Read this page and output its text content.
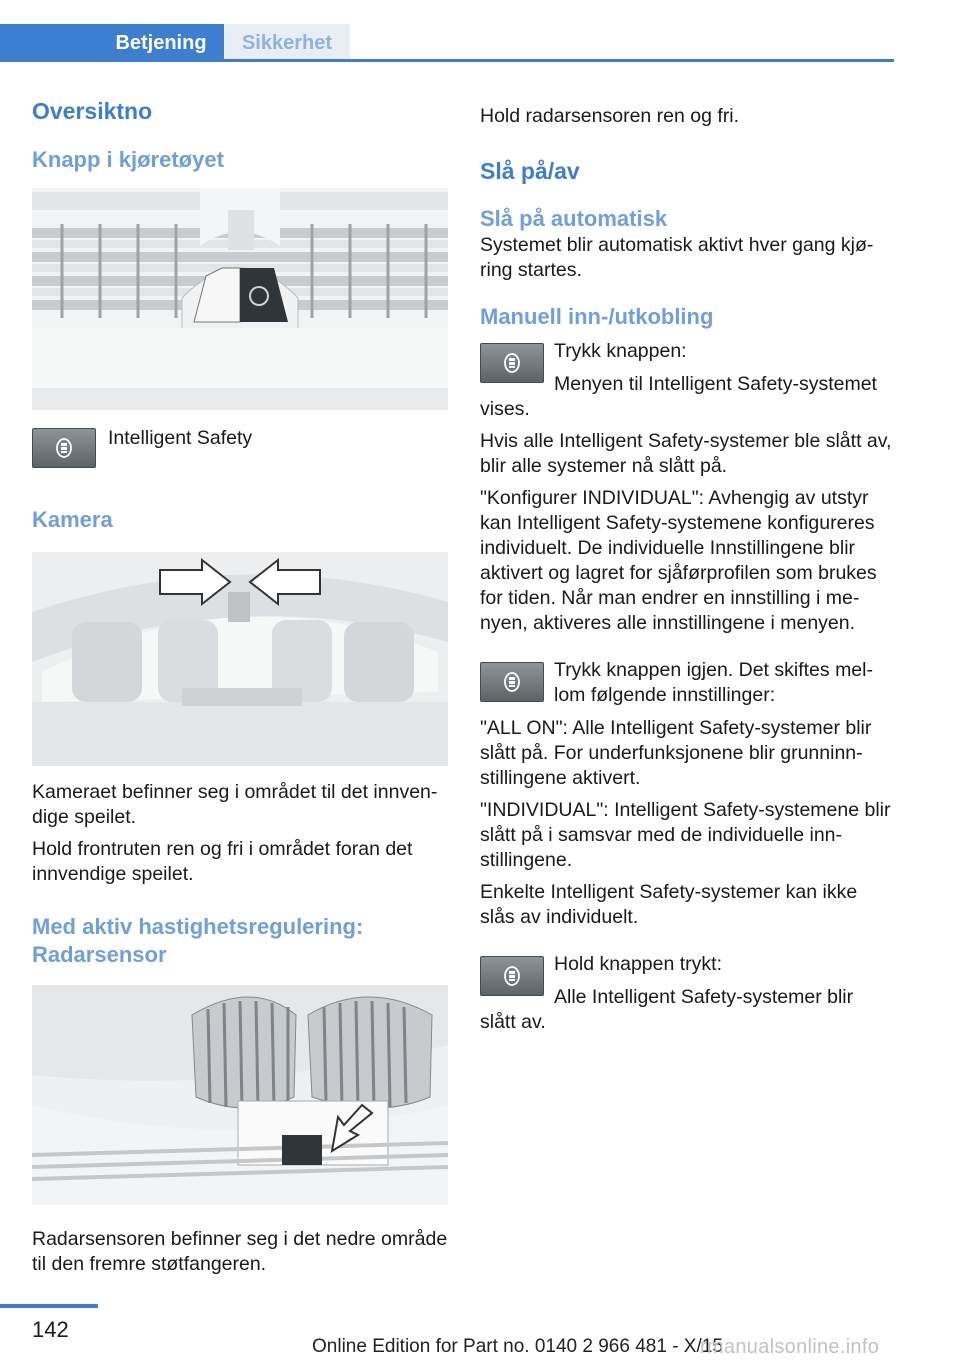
Betjening	Sikkerhet
Oversiktno
Knapp i kjøretøyet

Intelligent Safety

Kamera

Kameraet befinner seg i området til det innvendige speilet.

Hold frontruten ren og fri i området foran det innvendige speilet.

Med aktiv hastighetsregulering: Radarsensor

Radarsensoren befinner seg i det nedre område til den fremre støtfangeren.

Hold radarsensoren ren og fri.

Slå på/av
Slå på automatisk

Systemet blir automatisk aktivt hver gang kjøring startes.

Manuell inn-/utkobling

Trykk knappen:

Menyen til Intelligent Safety-systemet vises.

Hvis alle Intelligent Safety-systemer ble slått av, blir alle systemer nå slått på.

"Konfigurer INDIVIDUAL": Avhengig av utstyr kan Intelligent Safety-systemene konfigureres individuelt. De individuelle Innstillingene blir aktivert og lagret for sjåførprofilen som brukes for tiden. Når man endrer en innstilling i menyen, aktiveres alle innstillingene i menyen.

Trykk knappen igjen. Det skiftes mellom følgende innstillinger:

"ALL ON": Alle Intelligent Safety-systemer blir slått på. For underfunksjonene blir grunninnstillingene aktivert.

"INDIVIDUAL": Intelligent Safety-systemene blir slått på i samsvar med de individuelle innstillingene.

Enkelte Intelligent Safety-systemer kan ikke slås av individuelt.

Hold knappen trykt:

Alle Intelligent Safety-systemer blir slått av.

142
Online Edition for Part no. 0140 2 966 481 - X/15
rmanualsonline.info
